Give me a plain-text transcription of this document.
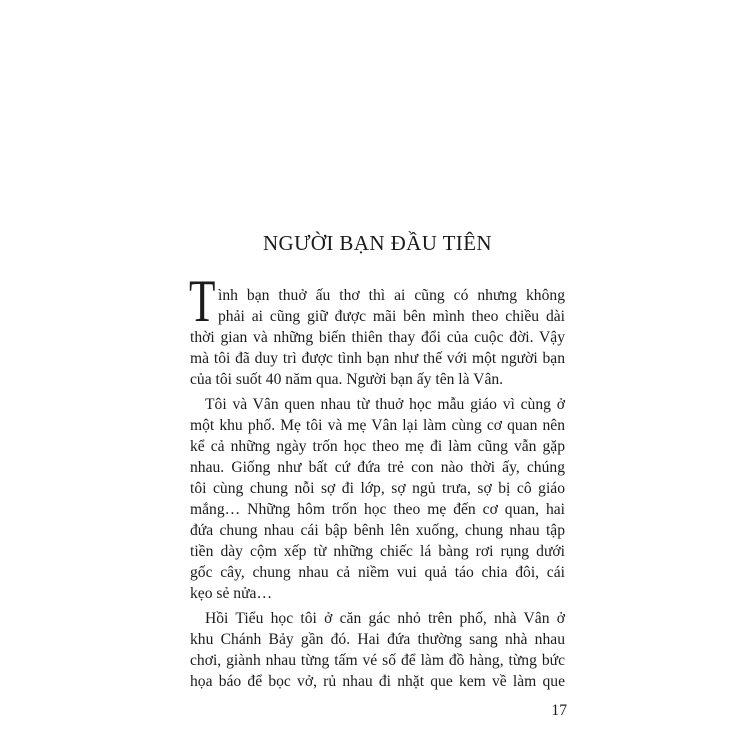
NGƯỜI BẠN ĐẦU TIÊN
T ình bạn thuở ấu thơ thì ai cũng có nhưng không
phải ai cũng giữ được mãi bên mình theo chiều dài
thời gian và những biến thiên thay đổi của cuộc đời. Vậy
mà tôi đã duy trì được tình bạn như thế với một người bạn
của tôi suốt 40 năm qua. Người bạn ấy tên là Vân.
Tôi và Vân quen nhau từ thuở học mẫu giáo vì cùng ở
một khu phố. Mẹ tôi và mẹ Vân lại làm cùng cơ quan nên
kể cả những ngày trốn học theo mẹ đi làm cũng vẫn gặp
nhau. Giống như bất cứ đứa trẻ con nào thời ấy, chúng
tôi cùng chung nỗi sợ đi lớp, sợ ngủ trưa, sợ bị cô giáo
mắng… Những hôm trốn học theo mẹ đến cơ quan, hai
đứa chung nhau cái bập bênh lên xuống, chung nhau tập
tiền dày cộm xếp từ những chiếc lá bàng rơi rụng dưới
gốc cây, chung nhau cả niềm vui quả táo chia đôi, cái
kẹo sẻ nửa…
Hồi Tiểu học tôi ở căn gác nhỏ trên phố, nhà Vân ở
khu Chánh Bảy gần đó. Hai đứa thường sang nhà nhau
chơi, giành nhau từng tấm vé số để làm đồ hàng, từng bức
họa báo để bọc vở, rủ nhau đi nhặt que kem về làm que
17
